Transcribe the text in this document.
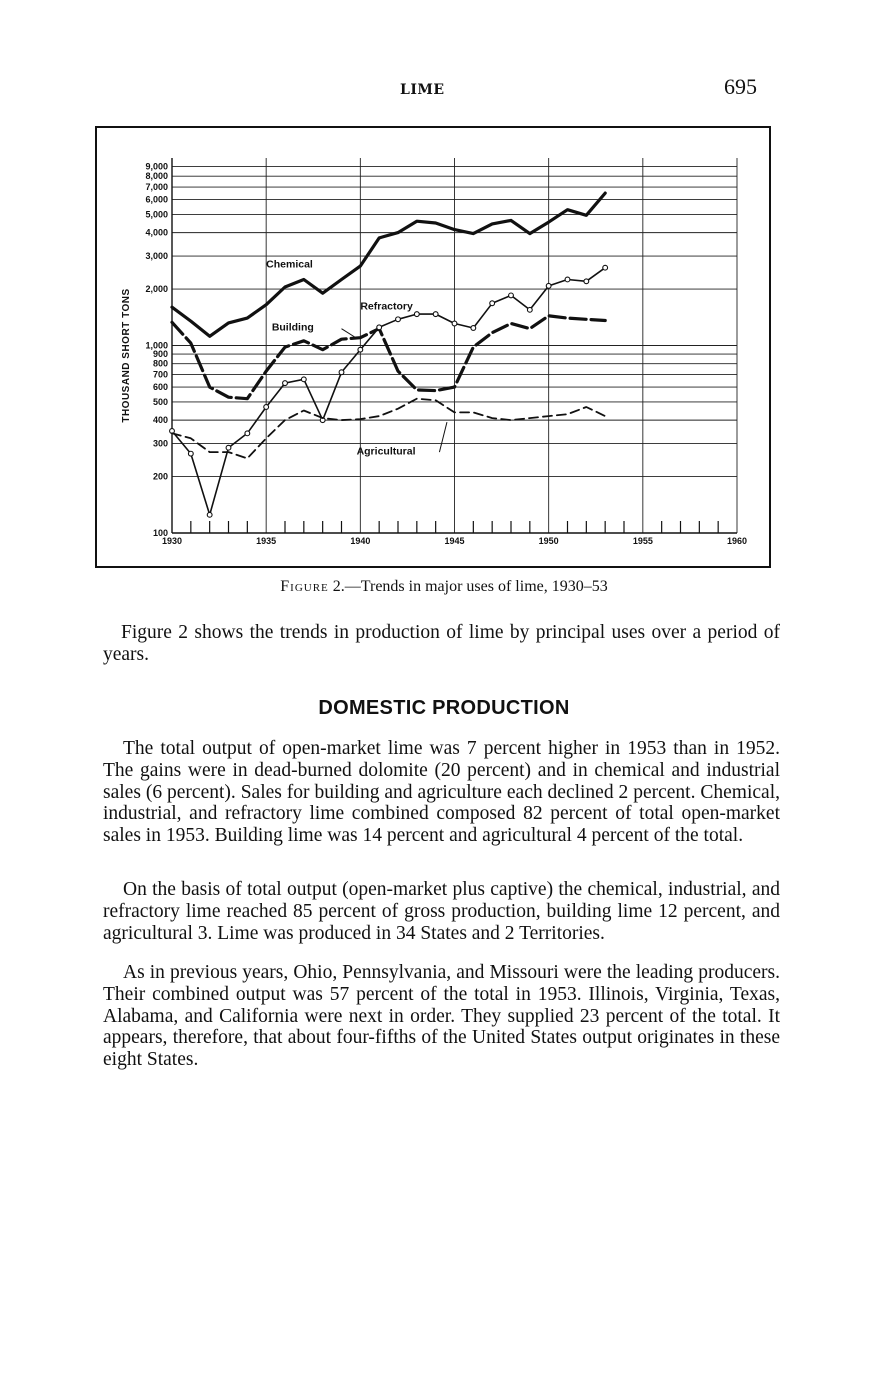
LIME	695
9,000
8,000
7,000
6,000
5,000
4,000
3,000
2,000
1,000
900
800
700
600
500
400
300
200
100
1930	1935	1940	1945	1950	1955	1960
THOUSAND SHORT TONS
Chemical
Building
Refractory
Agricultural
Figure 2.—Trends in major uses of lime, 1930–53
Figure 2 shows the trends in production of lime by principal uses over a period of years.
DOMESTIC PRODUCTION
The total output of open-market lime was 7 percent higher in 1953 than in 1952. The gains were in dead-burned dolomite (20 percent) and in chemical and industrial sales (6 percent). Sales for building and agriculture each declined 2 percent. Chemical, industrial, and refractory lime combined composed 82 percent of total open-market sales in 1953. Building lime was 14 percent and agricultural 4 percent of the total.
On the basis of total output (open-market plus captive) the chemical, industrial, and refractory lime reached 85 percent of gross production, building lime 12 percent, and agricultural 3. Lime was produced in 34 States and 2 Territories.
As in previous years, Ohio, Pennsylvania, and Missouri were the leading producers. Their combined output was 57 percent of the total in 1953. Illinois, Virginia, Texas, Alabama, and California were next in order. They supplied 23 percent of the total. It appears, therefore, that about four-fifths of the United States output originates in these eight States.
